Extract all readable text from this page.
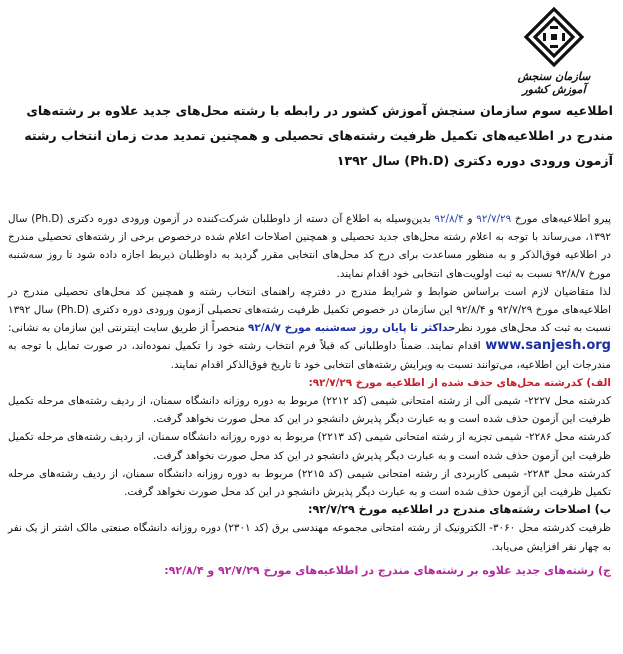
سازمان سنجش آموزش کشور
اطلاعیه سوم سازمان سنجش آموزش کشور در رابطه با رشته محل‌های جدید علاوه بر رشته‌های مندرج در اطلاعیه‌های تکمیل ظرفیت رشته‌های تحصیلی و همچنین تمدید مدت زمان انتخاب رشته آزمون ورودی دوره دکتری (Ph.D) سال ۱۳۹۲

پیرو اطلاعیه‌های مورخ ۹۲/۷/۲۹ و ۹۲/۸/۴ بدین‌وسیله به اطلاع آن دسته از داوطلبان شرکت‌کننده در آزمون ورودی دوره دکتری (Ph.D) سال ۱۳۹۲، می‌رساند با توجه به اعلام رشته محل‌های جدید تحصیلی و همچنین اصلاحات اعلام شده درخصوص برخی از رشته‌های تحصیلی مندرج در اطلاعیه فوق‌الذکر و به منظور مساعدت برای درج کد محل‌های انتخابی مقرر گردید به داوطلبان ذیربط اجازه داده شود تا روز سه‌شنبه مورخ ۹۲/۸/۷ نسبت به ثبت اولویت‌های انتخابی خود اقدام نمایند.

لذا متقاضیان لازم است براساس ضوابط و شرایط مندرج در دفترچه راهنمای انتخاب رشته و همچنین کد محل‌های تحصیلی مندرج در اطلاعیه‌های مورخ ۹۲/۷/۲۹ و ۹۲/۸/۴ این سازمان در خصوص تکمیل ظرفیت رشته‌های تحصیلی آزمون ورودی دوره دکتری (Ph.D) سال ۱۳۹۲ نسبت به ثبت کد محل‌های مورد نظرحداکثر تا پایان روز سه‌شنبه مورخ ۹۲/۸/۷ منحصراً از طریق سایت اینترنتی این سازمان به نشانی: www.sanjesh.org اقدام نمایند. ضمناً داوطلبانی که قبلاً فرم انتخاب رشته خود را تکمیل نموده‌اند، در صورت تمایل با توجه به مندرجات این اطلاعیه، می‌توانند نسبت به ویرایش رشته‌های انتخابی خود تا تاریخ فوق‌الذکر اقدام نمایند.

الف) کدرشته محل‌های حذف شده از اطلاعیه مورخ ۹۲/۷/۲۹:

کدرشته محل ۲۲۲۷- شیمی آلی از رشته امتحانی شیمی (کد ۲۲۱۲) مربوط به دوره روزانه دانشگاه سمنان، از ردیف رشته‌های مرحله تکمیل ظرفیت این آزمون حذف شده است و به عبارت دیگر پذیرش دانشجو در این کد محل صورت نخواهد گرفت.

کدرشته محل ۲۲۸۶- شیمی تجزیه از رشته امتحانی شیمی (کد ۲۲۱۳) مربوط به دوره روزانه دانشگاه سمنان، از ردیف رشته‌های مرحله تکمیل ظرفیت این آزمون حذف شده است و به عبارت دیگر پذیرش دانشجو در این کد محل صورت نخواهد گرفت.

کدرشته محل ۲۲۸۳- شیمی کاربردی از رشته امتحانی شیمی (کد ۲۲۱۵) مربوط به دوره روزانه دانشگاه سمنان، از ردیف رشته‌های مرحله تکمیل ظرفیت این آزمون حذف شده است و به عبارت دیگر پذیرش دانشجو در این کد محل صورت نخواهد گرفت.

ب) اصلاحات رشته‌های مندرج در اطلاعیه مورخ ۹۲/۷/۲۹:

ظرفیت کدرشته محل ۳۰۶۰- الکترونیک از رشته امتحانی مجموعه مهندسی برق (کد ۲۳۰۱) دوره روزانه دانشگاه صنعتی مالک اشتر از یک نفر به چهار نفر افزایش می‌یابد.

ج) رشته‌های جدید علاوه بر رشته‌های مندرج در اطلاعیه‌های مورخ ۹۲/۷/۲۹ و ۹۲/۸/۴:
